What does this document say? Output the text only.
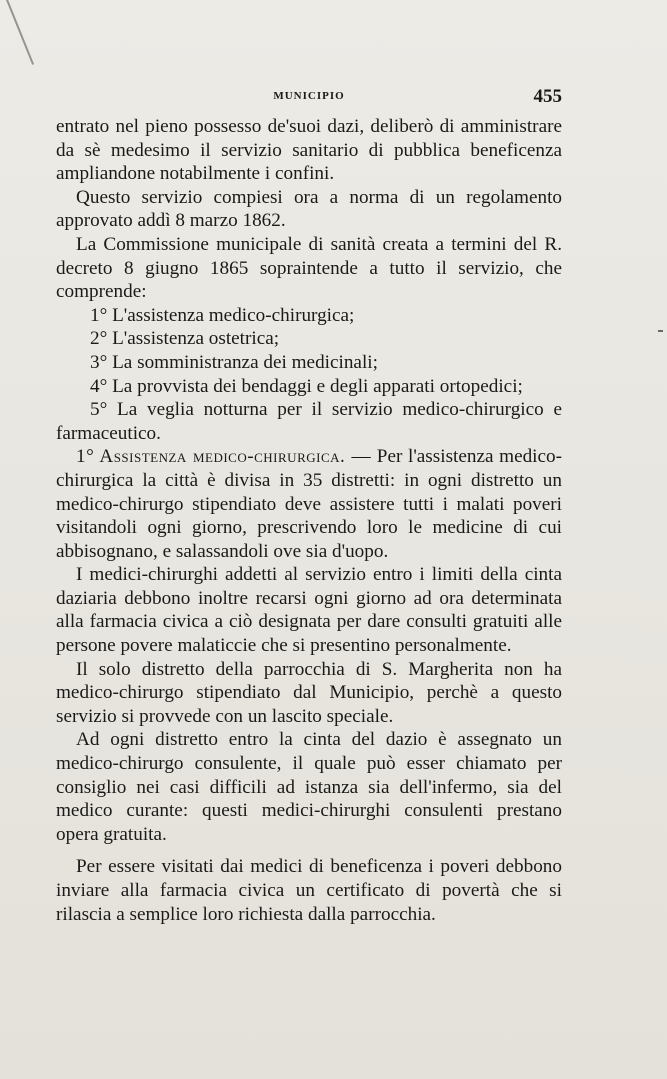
MUNICIPIO	455

entrato nel pieno possesso de'suoi dazi, deliberò di amministrare da sè medesimo il servizio sanitario di pubblica beneficenza ampliandone notabilmente i confini.

Questo servizio compiesi ora a norma di un regolamento approvato addì 8 marzo 1862.

La Commissione municipale di sanità creata a termini del R. decreto 8 giugno 1865 sopraintende a tutto il servizio, che comprende:

1° L'assistenza medico-chirurgica;

2° L'assistenza ostetrica;

3° La somministranza dei medicinali;

4° La provvista dei bendaggi e degli apparati ortopedici;

5° La veglia notturna per il servizio medico-chirurgico e farmaceutico.

1° Assistenza medico-chirurgica. — Per l'assistenza medico-chirurgica la città è divisa in 35 distretti: in ogni distretto un medico-chirurgo stipendiato deve assistere tutti i malati poveri visitandoli ogni giorno, prescrivendo loro le medicine di cui abbisognano, e salassandoli ove sia d'uopo.

I medici-chirurghi addetti al servizio entro i limiti della cinta daziaria debbono inoltre recarsi ogni giorno ad ora determinata alla farmacia civica a ciò designata per dare consulti gratuiti alle persone povere malaticcie che si presentino personalmente.

Il solo distretto della parrocchia di S. Margherita non ha medico-chirurgo stipendiato dal Municipio, perchè a questo servizio si provvede con un lascito speciale.

Ad ogni distretto entro la cinta del dazio è assegnato un medico-chirurgo consulente, il quale può esser chiamato per consiglio nei casi difficili ad istanza sia dell'infermo, sia del medico curante: questi medici-chirurghi consulenti prestano opera gratuita.

Per essere visitati dai medici di beneficenza i poveri debbono inviare alla farmacia civica un certificato di povertà che si rilascia a semplice loro richiesta dalla parrocchia.
